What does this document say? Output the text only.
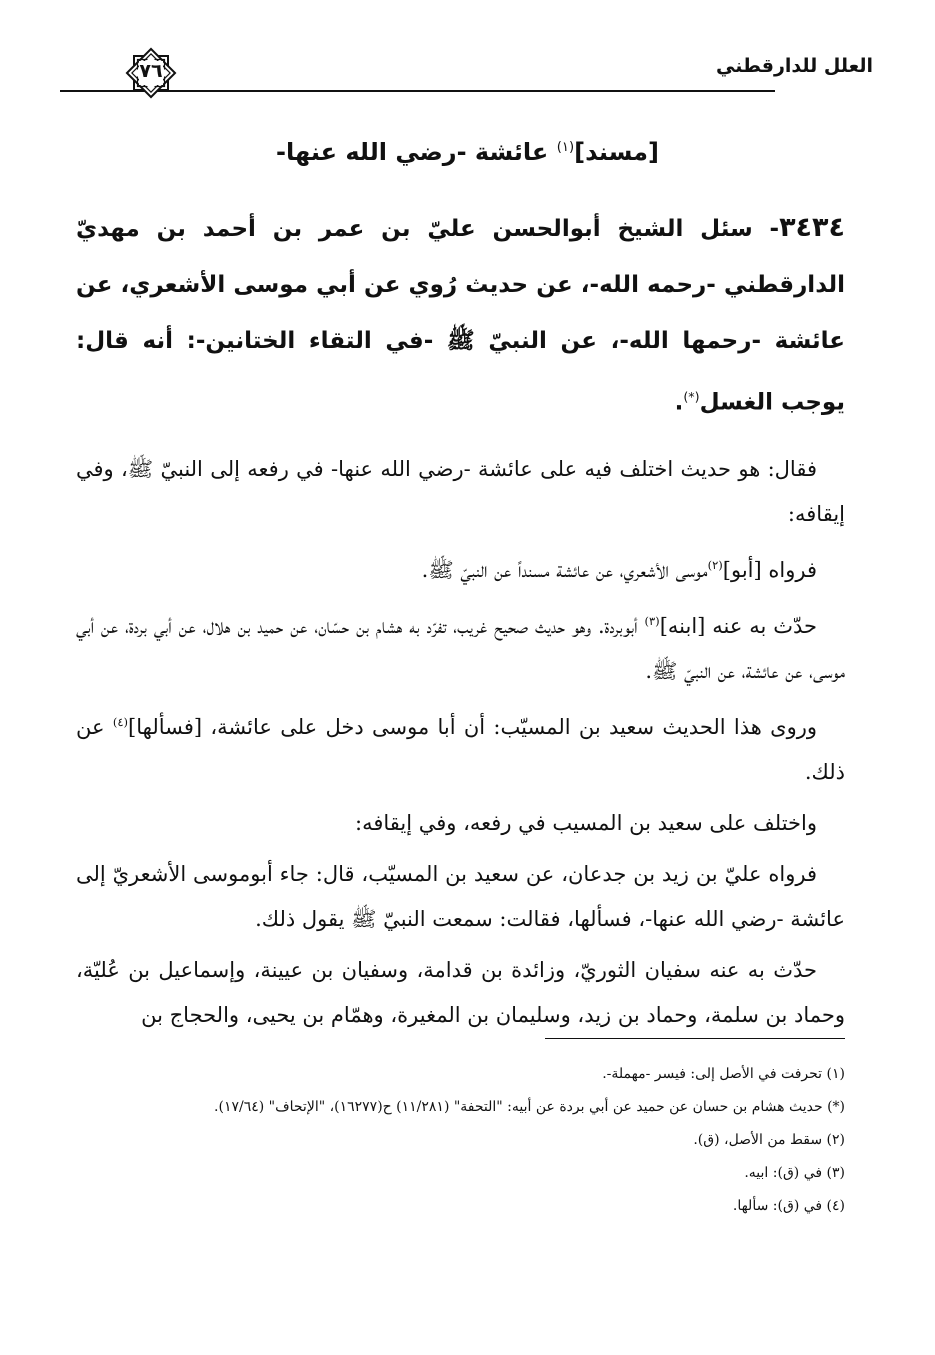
العلل للدارقطني
٧٦
[مسند]$^{(١)}$ عائشة -رضي الله عنها-

٣٤٣٤- سئل الشيخ أبوالحسن عليّ بن عمر بن أحمد بن مهديّ الدارقطني -رحمه الله-، عن حديث رُوي عن أبي موسى الأشعري، عن عائشة -رحمها الله-، عن النبيّ ﷺ -في التقاء الختانين-: أنه قال: يوجب الغسل(*).

فقال: هو حديث اختلف فيه على عائشة -رضي الله عنها- في رفعه إلى النبيّ ﷺ، وفي إيقافه:

فرواه [أبو]$^{(٢)}$موسى الأشعري، عن عائشة مسنداً عن النبيّ ﷺ.

حدّث به عنه [ابنه]$^{(٣)}$ أبوبردة. وهو حديث صحيح غريب، تفرّد به هشام بن حسّان، عن حميد بن هلال، عن أبي بردة، عن أبي موسى، عن عائشة، عن النبيّ ﷺ.

وروى هذا الحديث سعيد بن المسيّب: أن أبا موسى دخل على عائشة، [فسألها]$^{(٤)}$ عن ذلك.

واختلف على سعيد بن المسيب في رفعه، وفي إيقافه:

فرواه عليّ بن زيد بن جدعان، عن سعيد بن المسيّب، قال: جاء أبوموسى الأشعريّ إلى عائشة -رضي الله عنها-، فسألها، فقالت: سمعت النبيّ ﷺ يقول ذلك.

حدّث به عنه سفيان الثوريّ، وزائدة بن قدامة، وسفيان بن عيينة، وإسماعيل بن عُليّة، وحماد بن سلمة، وحماد بن زيد، وسليمان بن المغيرة، وهمّام بن يحيى، والحجاج بن

(١) تحرفت في الأصل إلى: فيسر -مهملة-.

(*) حديث هشام بن حسان عن حميد عن أبي بردة عن أبيه: "التحفة" (١١/٢٨١) ح(١٦٢٧٧)، "الإتحاف" (١٧/٦٤).

(٢) سقط من الأصل، (ق).

(٣) في (ق): ابيه.

(٤) في (ق): سألها.
